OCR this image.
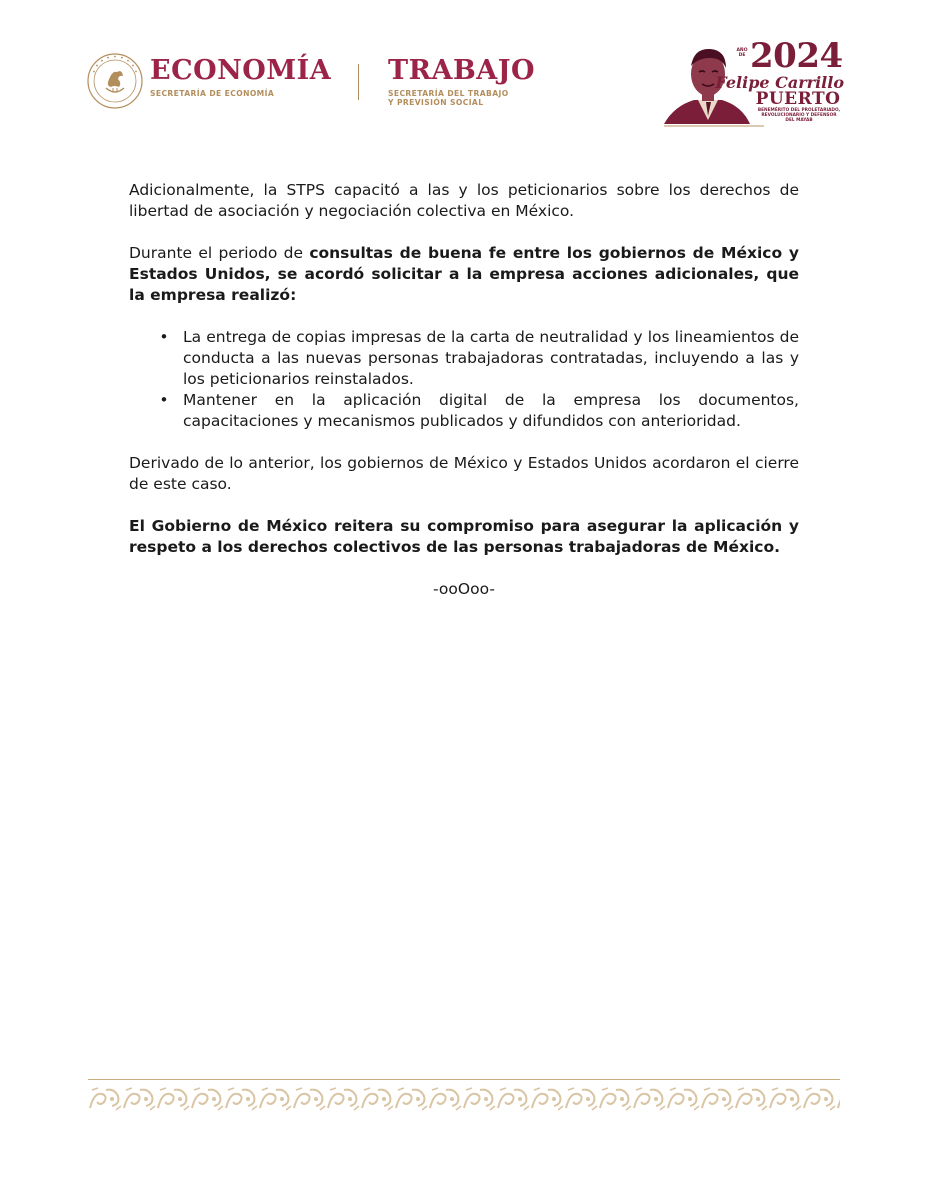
ECONOMÍA
SECRETARÍA DE ECONOMÍA
TRABAJO
SECRETARÍA DEL TRABAJO
Y PREVISIÓN SOCIAL
AÑO DE 2024
Felipe Carrillo
PUERTO
BENEMÉRITO DEL PROLETARIADO,
REVOLUCIONARIO Y DEFENSOR
DEL MAYAB

Adicionalmente, la STPS capacitó a las y los peticionarios sobre los derechos de libertad de asociación y negociación colectiva en México.

Durante el periodo de consultas de buena fe entre los gobiernos de México y Estados Unidos, se acordó solicitar a la empresa acciones adicionales, que la empresa realizó:

• La entrega de copias impresas de la carta de neutralidad y los lineamientos de conducta a las nuevas personas trabajadoras contratadas, incluyendo a las y los peticionarios reinstalados.
• Mantener en la aplicación digital de la empresa los documentos, capacitaciones y mecanismos publicados y difundidos con anterioridad.

Derivado de lo anterior, los gobiernos de México y Estados Unidos acordaron el cierre de este caso.

El Gobierno de México reitera su compromiso para asegurar la aplicación y respeto a los derechos colectivos de las personas trabajadoras de México.

-ooOoo-
